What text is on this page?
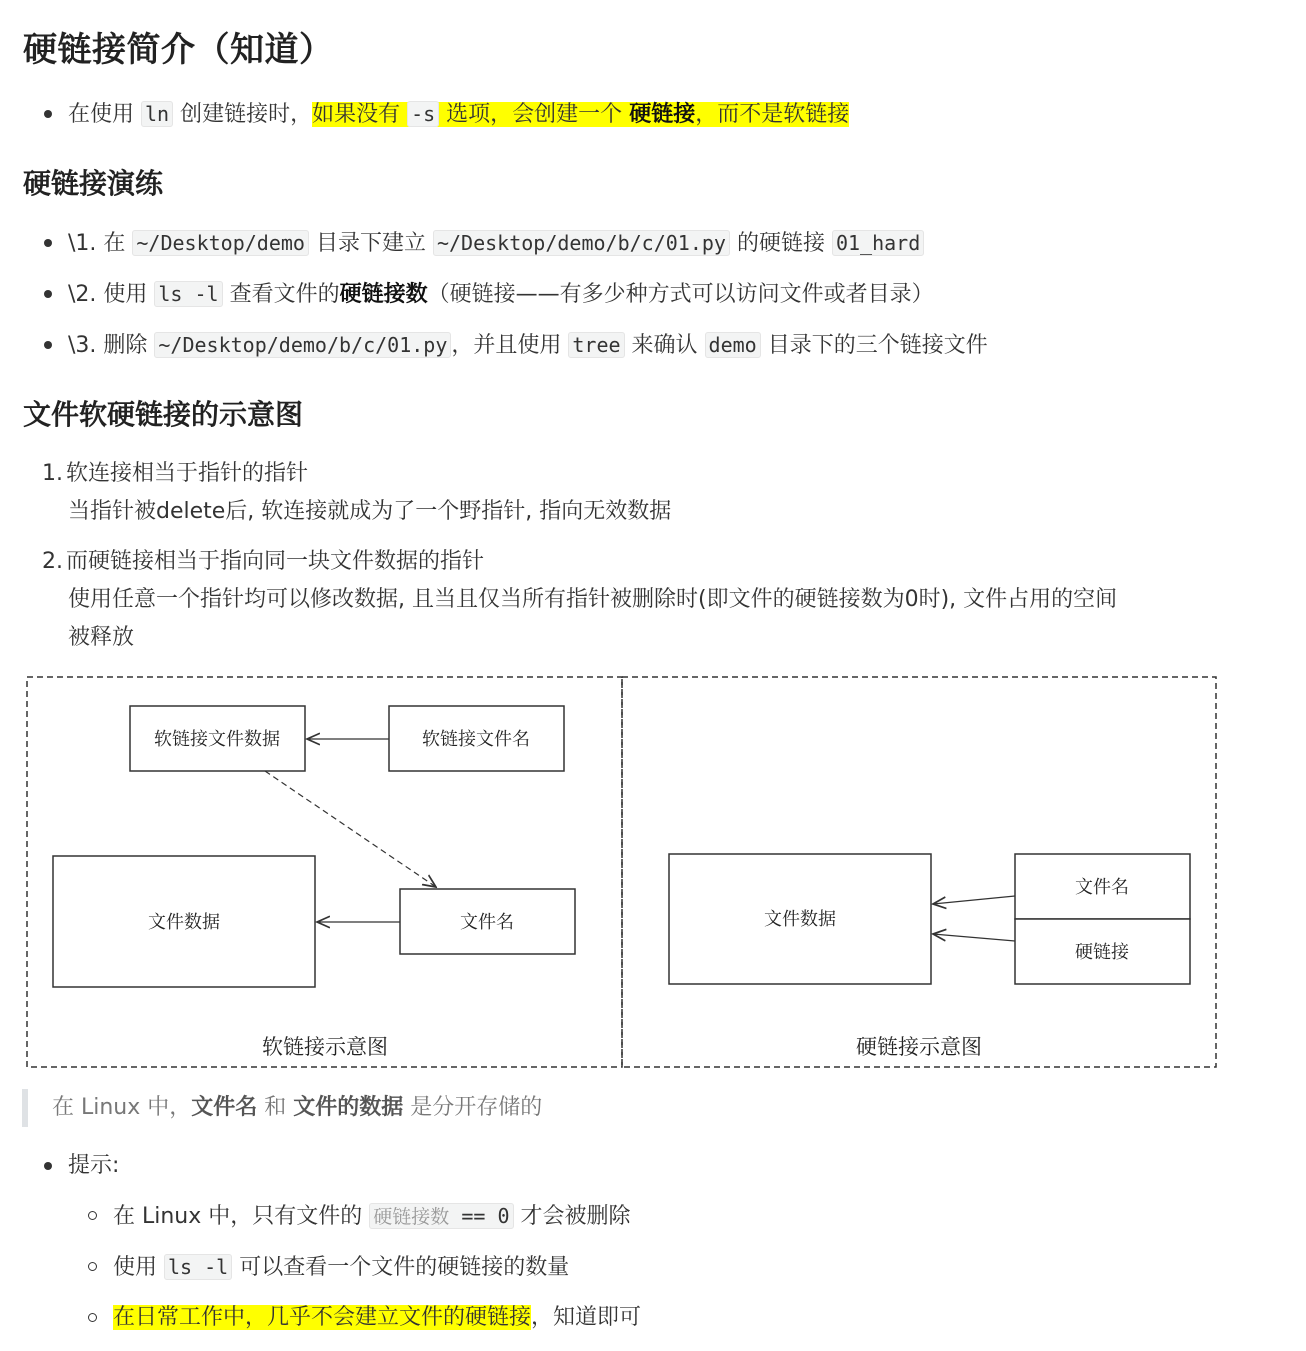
硬链接简介（知道）
在使用 ln 创建链接时，如果没有 -s 选项，会创建一个 硬链接，而不是软链接
硬链接演练
\1. 在 ~/Desktop/demo 目录下建立 ~/Desktop/demo/b/c/01.py 的硬链接 01_hard
\2. 使用 ls -l 查看文件的硬链接数（硬链接——有多少种方式可以访问文件或者目录）
\3. 删除 ~/Desktop/demo/b/c/01.py ，并且使用 tree 来确认 demo 目录下的三个链接文件
文件软硬链接的示意图
1. 软连接相当于指针的指针
当指针被delete后, 软连接就成为了一个野指针, 指向无效数据
2. 而硬链接相当于指向同一块文件数据的指针
使用任意一个指针均可以修改数据, 且当且仅当所有指针被删除时(即文件的硬链接数为0时), 文件占用的空间
被释放
软链接文件数据	软链接文件名
文件数据	文件名
软链接示意图
文件数据
文件名
硬链接
硬链接示意图
在 Linux 中，文件名 和 文件的数据 是分开存储的
提示:
在 Linux 中，只有文件的 硬链接数 == 0 才会被删除
使用 ls -l 可以查看一个文件的硬链接的数量
在日常工作中，几乎不会建立文件的硬链接，知道即可
